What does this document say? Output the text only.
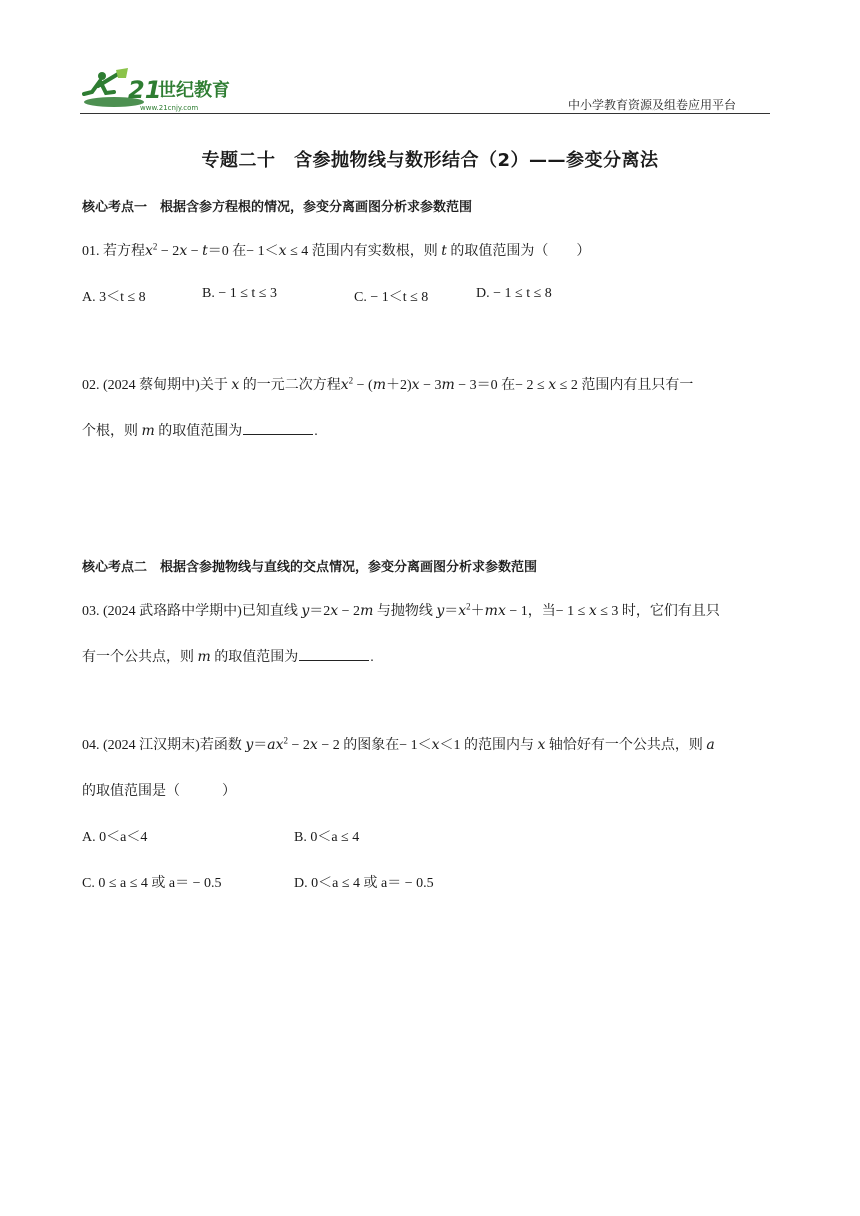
21
世纪教育
www.21cnjy.com	中小学教育资源及组卷应用平台
专题二十　含参抛物线与数形结合（2）——参变分离法
核心考点一　根据含参方程根的情况，参变分离画图分析求参数范围
01. 若方程$x^2 - 2x - t=0$ 在− 1＜x ≤ 4 范围内有实数根，则 t 的取值范围为（　　）
A. 3＜t ≤ 8	B. − 1 ≤ t ≤ 3	C. − 1＜t ≤ 8	D. − 1 ≤ t ≤ 8
02. (2024 蔡甸期中)关于 x 的一元二次方程$x^2 - (m+2)x - 3m - 3=0$ 在− 2 ≤ x ≤ 2 范围内有且只有一
个根，则 m 的取值范围为	.
核心考点二　根据含参抛物线与直线的交点情况，参变分离画图分析求参数范围
03. (2024 武珞路中学期中)已知直线 y＝2x − 2m 与抛物线 $y=x^2+mx - 1$，当− 1 ≤ x ≤ 3 时，它们有且只
有一个公共点，则 m 的取值范围为	.
04. (2024 江汉期末)若函数 $y=ax^2 - 2x - 2$ 的图象在− 1＜x＜1 的范围内与 x 轴恰好有一个公共点，则 a
的取值范围是（　　　）
A. 0＜a＜4	B. 0＜a ≤ 4
C. 0 ≤ a ≤ 4 或 a＝ − 0.5	D. 0＜a ≤ 4 或 a＝ − 0.5
